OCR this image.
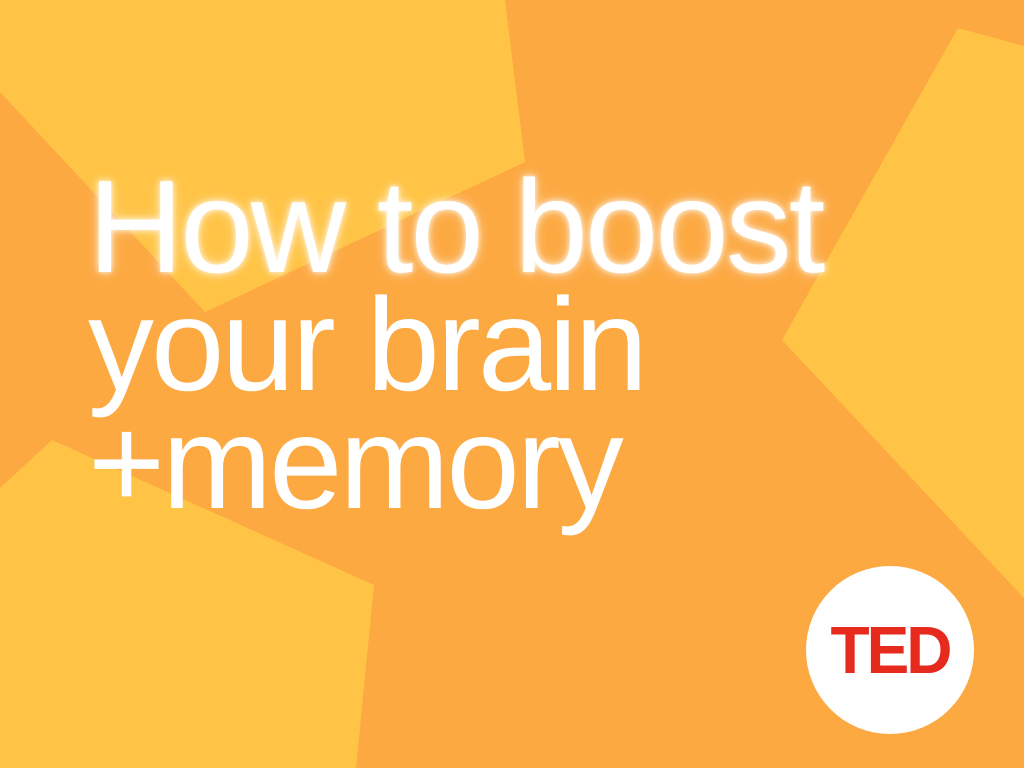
How to boost
your brain
+memory
TED
